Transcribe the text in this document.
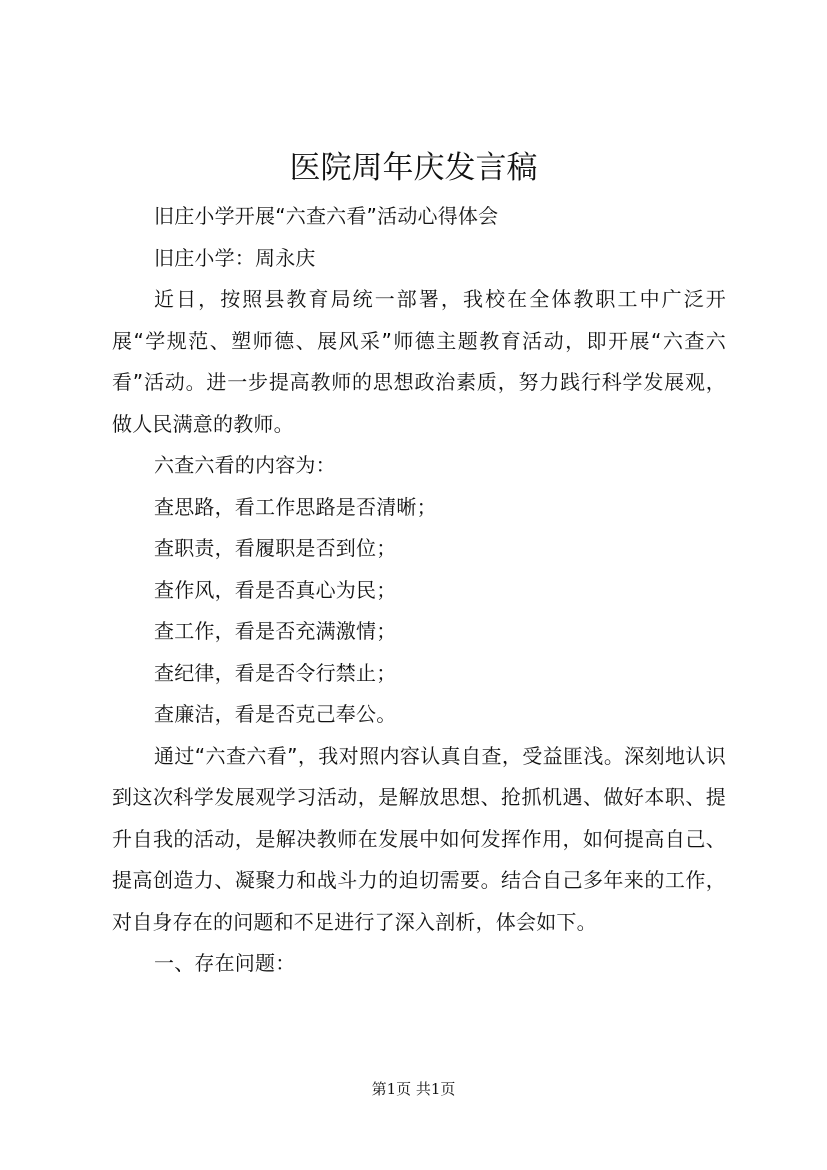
医院周年庆发言稿

旧庄小学开展“六查六看”活动心得体会

旧庄小学：周永庆

近日，按照县教育局统一部署，我校在全体教职工中广泛开展“学规范、塑师德、展风采”师德主题教育活动，即开展“六查六看”活动。进一步提高教师的思想政治素质，努力践行科学发展观，做人民满意的教师。

六查六看的内容为：

查思路，看工作思路是否清晰；

查职责，看履职是否到位；

查作风，看是否真心为民；

查工作，看是否充满激情；

查纪律，看是否令行禁止；

查廉洁，看是否克己奉公。

通过“六查六看”，我对照内容认真自查，受益匪浅。深刻地认识到这次科学发展观学习活动，是解放思想、抢抓机遇、做好本职、提升自我的活动，是解决教师在发展中如何发挥作用，如何提高自己、提高创造力、凝聚力和战斗力的迫切需要。结合自己多年来的工作，对自身存在的问题和不足进行了深入剖析，体会如下。

一、存在问题：

第1页 共1页
